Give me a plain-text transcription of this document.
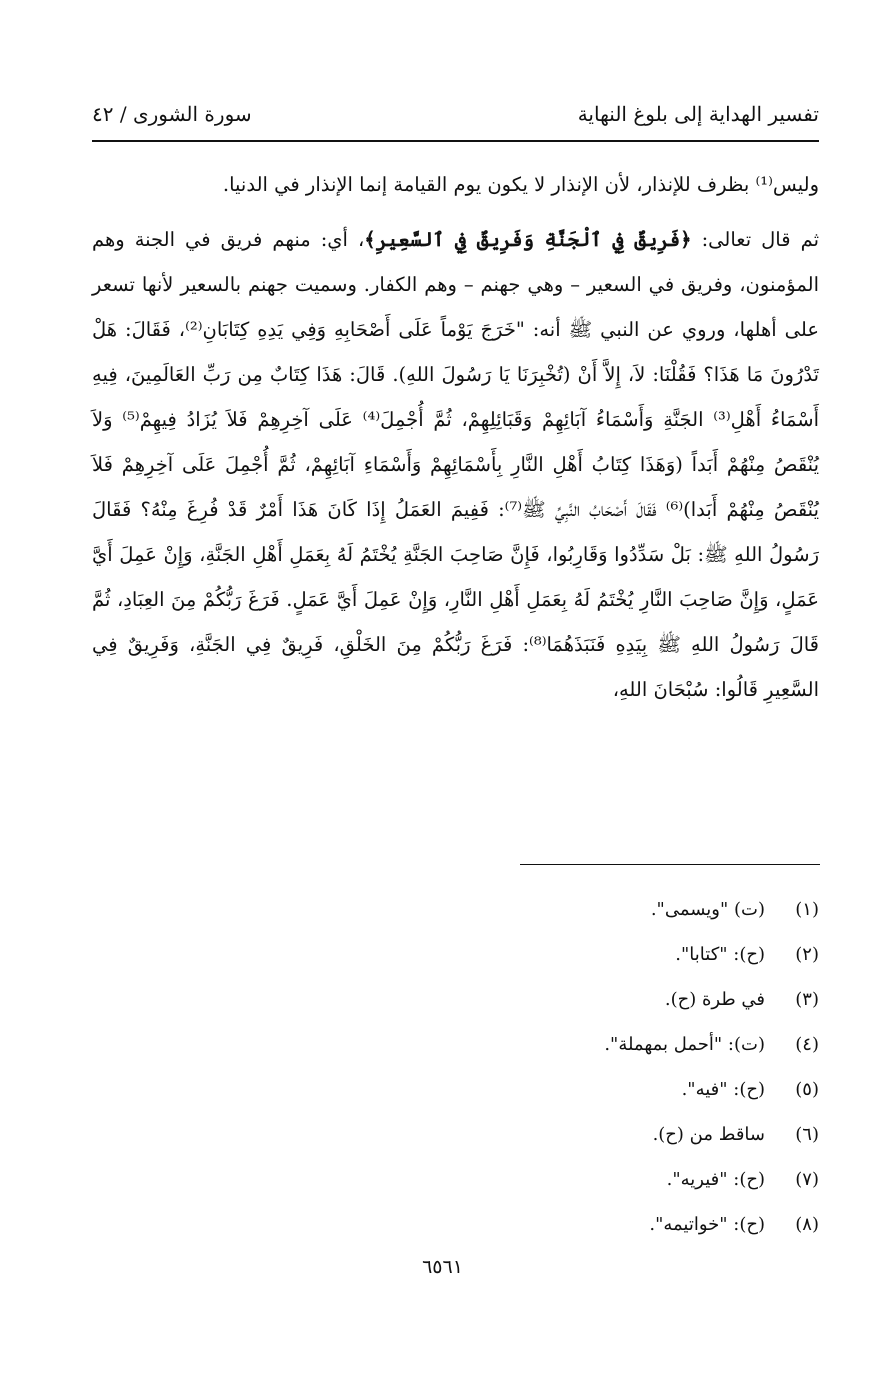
تفسير الهداية إلى بلوغ النهاية
سورة الشورى / ٤٢

وليس⁽¹⁾ بظرف للإنذار، لأن الإنذار لا يكون يوم القيامة إنما الإنذار في الدنيا.

ثم قال تعالى: ﴿فَرِيقٌ فِي ٱلْجَنَّةِ وَفَرِيقٌ فِي ٱلسَّعِيرِ﴾، أي: منهم فريق في الجنة وهم المؤمنون، وفريق في السعير – وهي جهنم – وهم الكفار. وسميت جهنم بالسعير لأنها تسعر على أهلها، وروي عن النبي ﷺ أنه: "خَرَجَ يَوْماً عَلَى أَصْحَابِهِ وَفِي يَدِهِ كِتَابَانِ⁽²⁾، فَقَالَ: هَلْ تَدْرُونَ مَا هَذَا؟ فَقُلْنَا: لاَ، إِلاَّ أَنْ (تُخْبِرَنَا يَا رَسُولَ اللهِ). قَالَ: هَذَا كِتَابٌ مِن رَبِّ العَالَمِينَ، فِيهِ أَسْمَاءُ أَهْلِ⁽³⁾ الجَنَّةِ وَأَسْمَاءُ آبَائِهِمْ وَقَبَائِلِهِمْ، ثُمَّ أُجْمِلَ⁽⁴⁾ عَلَى آخِرِهِمْ فَلاَ يُزَادُ فِيهِمْ⁽⁵⁾ وَلاَ يُنْقَصُ مِنْهُمْ أَبَداً (وَهَذَا كِتَابُ أَهْلِ النَّارِ بِأَسْمَائِهِمْ وَأَسْمَاءِ آبَائِهِمْ، ثُمَّ أُجْمِلَ عَلَى آخِرِهِمْ فَلاَ يُنْقَصُ مِنْهُمْ أَبَدا)⁽⁶⁾ فَقَالَ أَصْحَابُ النَّبِيِّ ﷺ⁽⁷⁾: فَفِيمَ العَمَلُ إِذَا كَانَ هَذَا أَمْرٌ قَدْ فُرِغَ مِنْهُ؟ فَقَالَ رَسُولُ اللهِ ﷺ: بَلْ سَدِّدُوا وَقَارِبُوا، فَإِنَّ صَاحِبَ الجَنَّةِ يُخْتَمُ لَهُ بِعَمَلِ أَهْلِ الجَنَّةِ، وَإِنْ عَمِلَ أَيَّ عَمَلٍ، وَإِنَّ صَاحِبَ النَّارِ يُخْتَمُ لَهُ بِعَمَلِ أَهْلِ النَّارِ، وَإِنْ عَمِلَ أَيَّ عَمَلٍ. فَرَغَ رَبُّكُمْ مِنَ العِبَادِ، ثُمَّ قَالَ رَسُولُ اللهِ ﷺ بِيَدِهِ فَنَبَذَهُمَا⁽⁸⁾: فَرَغَ رَبُّكُمْ مِنَ الخَلْقِ، فَرِيقٌ فِي الجَنَّةِ، وَفَرِيقٌ فِي السَّعِيرِ قَالُوا: سُبْحَانَ اللهِ،

(١)(ت) "ويسمى".
(٢)(ح): "كتابا".
(٣)في طرة (ح).
(٤)(ت): "أحمل بمهملة".
(٥)(ح): "فيه".
(٦)ساقط من (ح).
(٧)(ح): "فيريه".
(٨)(ح): "خواتيمه".
٦٥٦١
